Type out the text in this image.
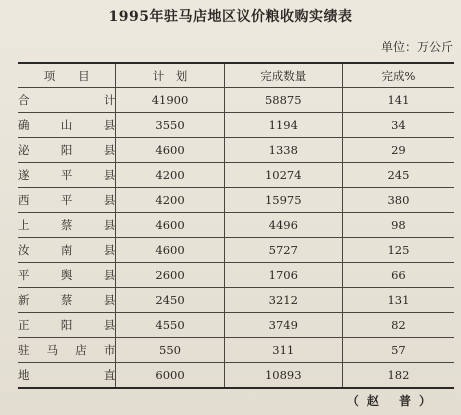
1995年驻马店地区议价粮收购实绩表
单位：万公斤
项　　目	计　划	完成数量	完成%
合　　计	41900	58875	141
确山县	3550	1194	34
泌阳县	4600	1338	29
遂平县	4200	10274	245
西平县	4200	15975	380
上蔡县	4600	4496	98
汝南县	4600	5727	125
平舆县	2600	1706	66
新蔡县	2450	3212	131
正阳县	4550	3749	82
驻马店市	550	311	57
地　　直	6000	10893	182
（赵 普）
